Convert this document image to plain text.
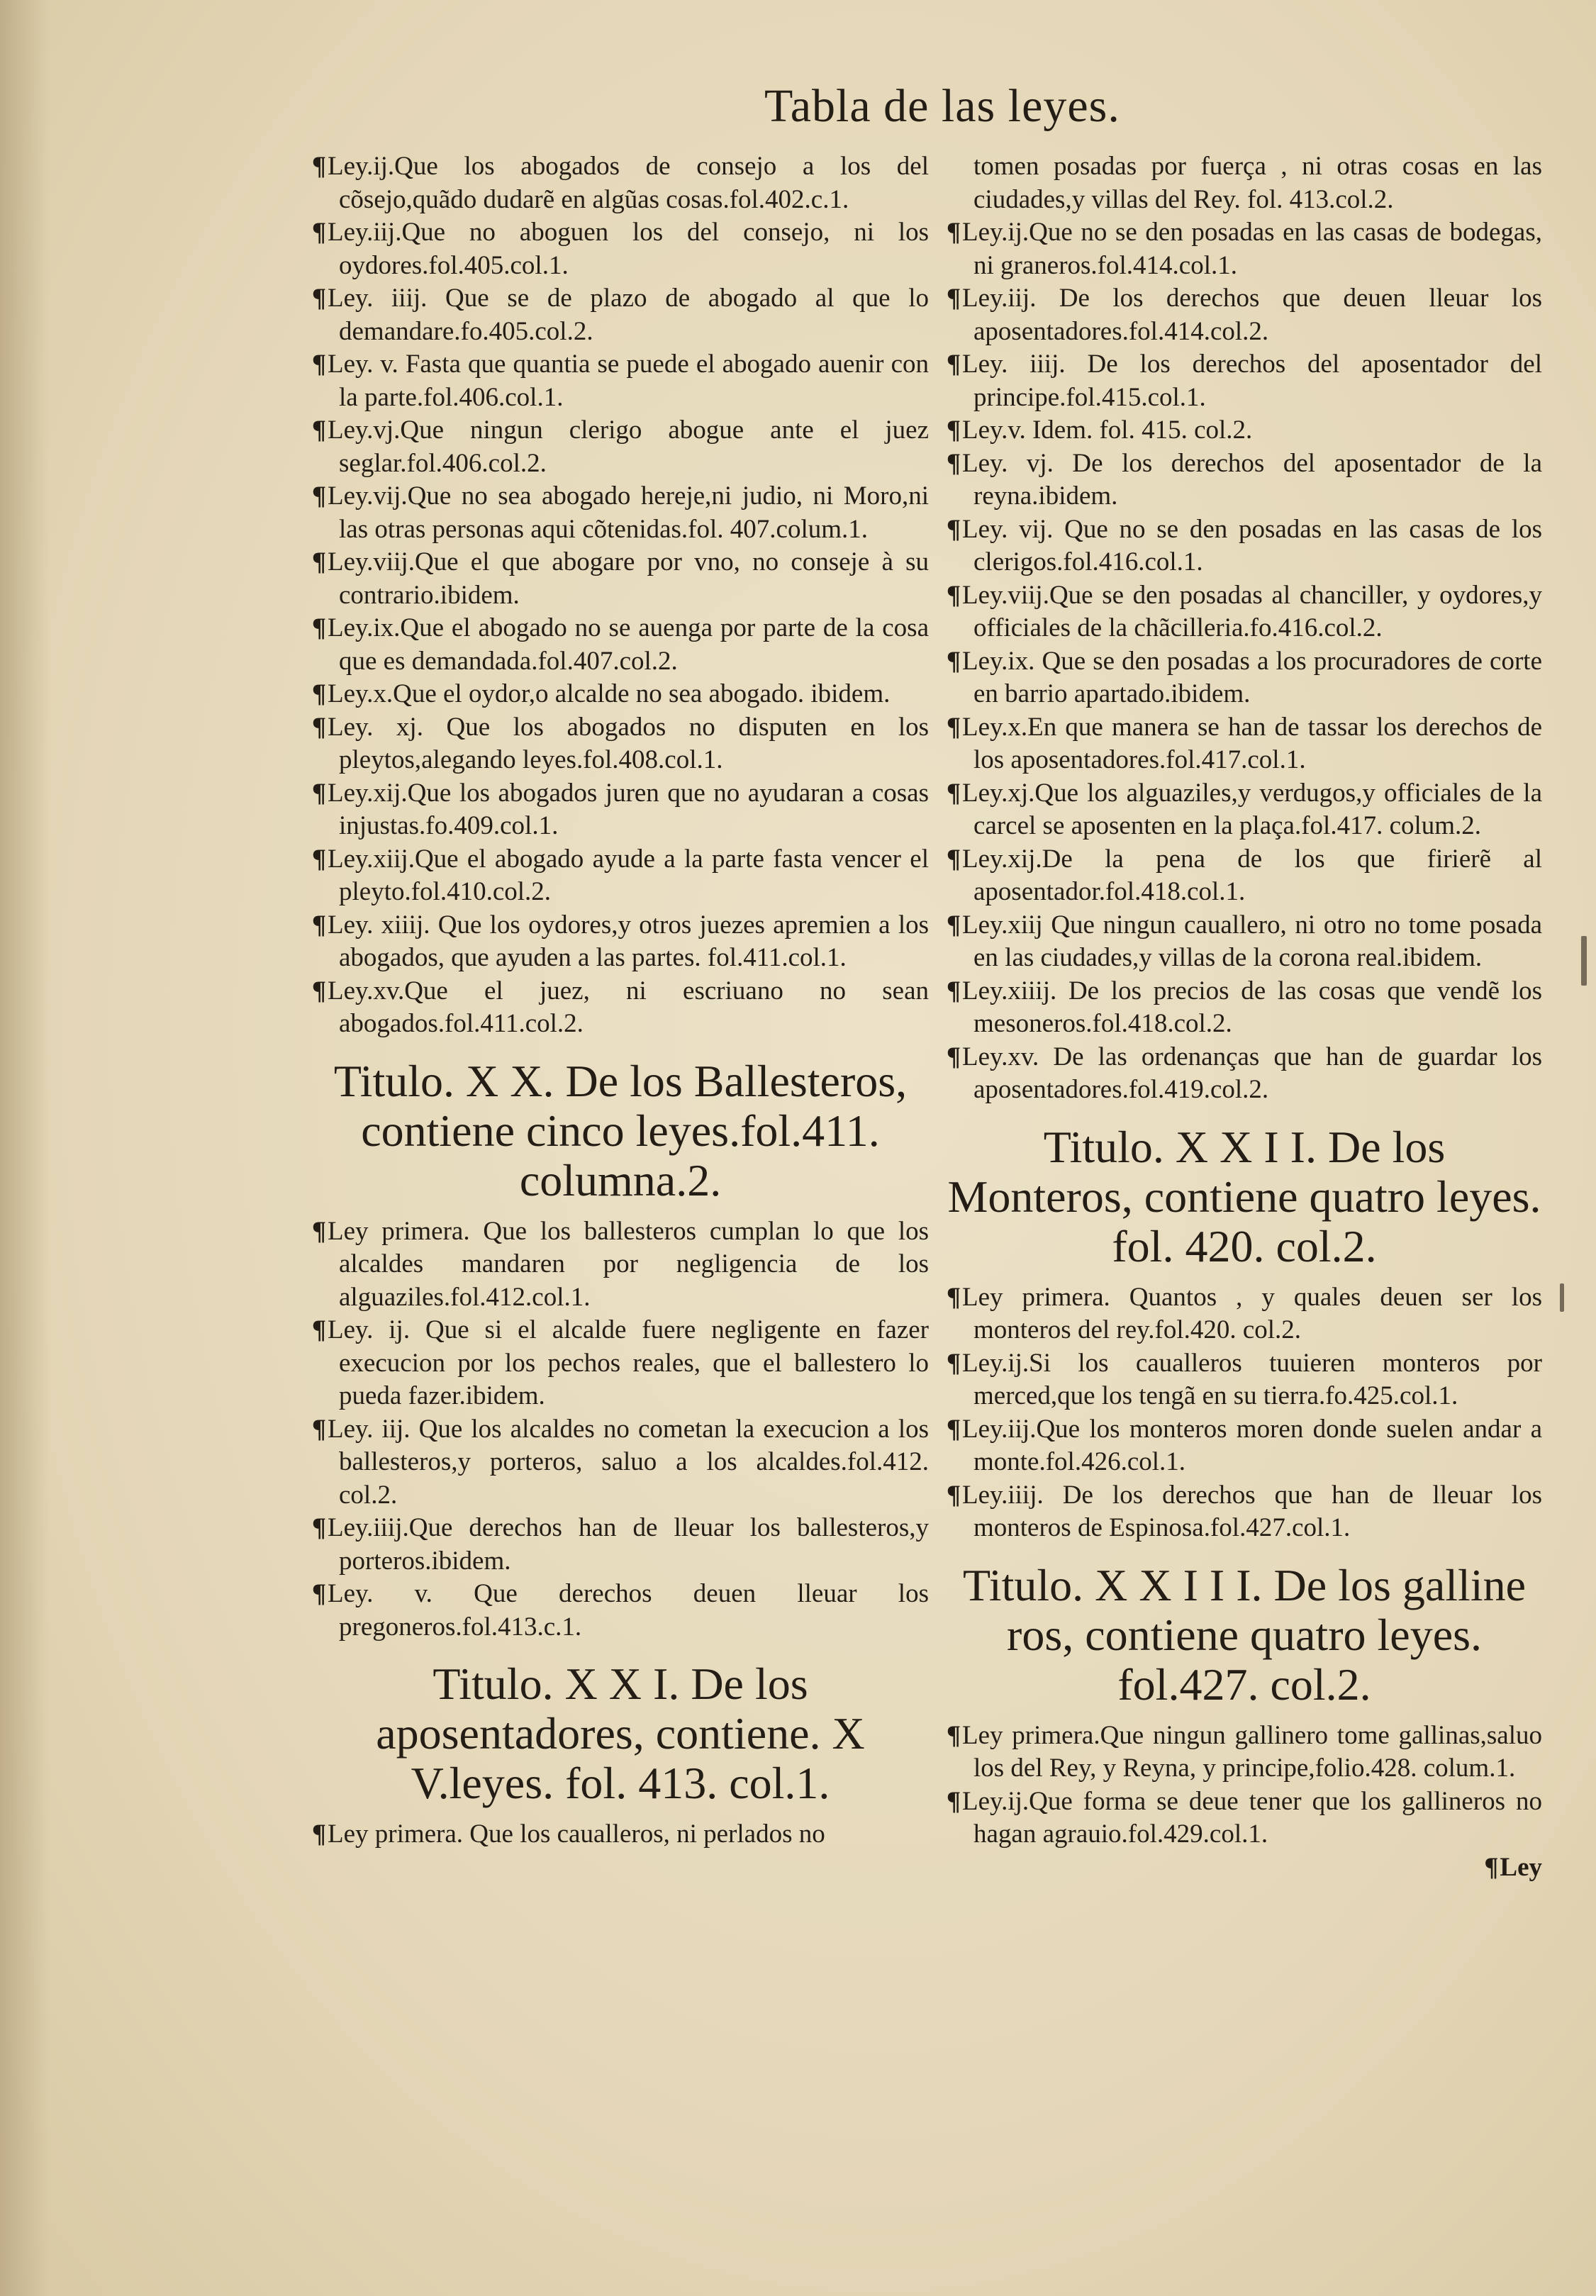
Tabla de las leyes.

¶Ley.ij.Que los abogados de consejo a los del cõsejo,quãdo dudarẽ en algũas cosas.fol.402.c.1.

¶Ley.iij.Que no aboguen los del consejo, ni los oydores.fol.405.col.1.

¶Ley. iiij. Que se de plazo de abogado al que lo demandare.fo.405.col.2.

¶Ley. v. Fasta que quantia se puede el abogado auenir con la parte.fol.406.col.1.

¶Ley.vj.Que ningun clerigo abogue ante el juez seglar.fol.406.col.2.

¶Ley.vij.Que no sea abogado hereje,ni judio, ni Moro,ni las otras personas aqui cõtenidas.fol. 407.colum.1.

¶Ley.viij.Que el que abogare por vno, no conseje à su contrario.ibidem.

¶Ley.ix.Que el abogado no se auenga por parte de la cosa que es demandada.fol.407.col.2.

¶Ley.x.Que el oydor,o alcalde no sea abogado. ibidem.

¶Ley. xj. Que los abogados no disputen en los pleytos,alegando leyes.fol.408.col.1.

¶Ley.xij.Que los abogados juren que no ayudaran a cosas injustas.fo.409.col.1.

¶Ley.xiij.Que el abogado ayude a la parte fasta vencer el pleyto.fol.410.col.2.

¶Ley. xiiij. Que los oydores,y otros juezes apremien a los abogados, que ayuden a las partes. fol.411.col.1.

¶Ley.xv.Que el juez, ni escriuano no sean abogados.fol.411.col.2.

Titulo. X X. De los Ballesteros, contiene cinco leyes.fol.411. columna.2.

¶Ley primera. Que los ballesteros cumplan lo que los alcaldes mandaren por negligencia de los alguaziles.fol.412.col.1.

¶Ley. ij. Que si el alcalde fuere negligente en fazer execucion por los pechos reales, que el ballestero lo pueda fazer.ibidem.

¶Ley. iij. Que los alcaldes no cometan la execucion a los ballesteros,y porteros, saluo a los alcaldes.fol.412. col.2.

¶Ley.iiij.Que derechos han de lleuar los ballesteros,y porteros.ibidem.

¶Ley. v. Que derechos deuen lleuar los pregoneros.fol.413.c.1.

Titulo. X X I. De los aposentadores, contiene. X V.leyes. fol. 413. col.1.

¶Ley primera. Que los caualleros, ni perlados no

tomen posadas por fuerça , ni otras cosas en las ciudades,y villas del Rey. fol. 413.col.2.

¶Ley.ij.Que no se den posadas en las casas de bodegas, ni graneros.fol.414.col.1.

¶Ley.iij. De los derechos que deuen lleuar los aposentadores.fol.414.col.2.

¶Ley. iiij. De los derechos del aposentador del principe.fol.415.col.1.

¶Ley.v. Idem. fol. 415. col.2.

¶Ley. vj. De los derechos del aposentador de la reyna.ibidem.

¶Ley. vij. Que no se den posadas en las casas de los clerigos.fol.416.col.1.

¶Ley.viij.Que se den posadas al chanciller, y oydores,y officiales de la chãcilleria.fo.416.col.2.

¶Ley.ix. Que se den posadas a los procuradores de corte en barrio apartado.ibidem.

¶Ley.x.En que manera se han de tassar los derechos de los aposentadores.fol.417.col.1.

¶Ley.xj.Que los alguaziles,y verdugos,y officiales de la carcel se aposenten en la plaça.fol.417. colum.2.

¶Ley.xij.De la pena de los que firierẽ al aposentador.fol.418.col.1.

¶Ley.xiij Que ningun cauallero, ni otro no tome posada en las ciudades,y villas de la corona real.ibidem.

¶Ley.xiiij. De los precios de las cosas que vendẽ los mesoneros.fol.418.col.2.

¶Ley.xv. De las ordenanças que han de guardar los aposentadores.fol.419.col.2.

Titulo. X X I I. De los Monteros, contiene quatro leyes. fol. 420. col.2.

¶Ley primera. Quantos , y quales deuen ser los monteros del rey.fol.420. col.2.

¶Ley.ij.Si los caualleros tuuieren monteros por merced,que los tengã en su tierra.fo.425.col.1.

¶Ley.iij.Que los monteros moren donde suelen andar a monte.fol.426.col.1.

¶Ley.iiij. De los derechos que han de lleuar los monteros de Espinosa.fol.427.col.1.

Titulo. X X I I I. De los galline ros, contiene quatro leyes. fol.427. col.2.

¶Ley primera.Que ningun gallinero tome gallinas,saluo los del Rey, y Reyna, y principe,folio.428. colum.1.

¶Ley.ij.Que forma se deue tener que los gallineros no hagan agrauio.fol.429.col.1.

¶Ley
